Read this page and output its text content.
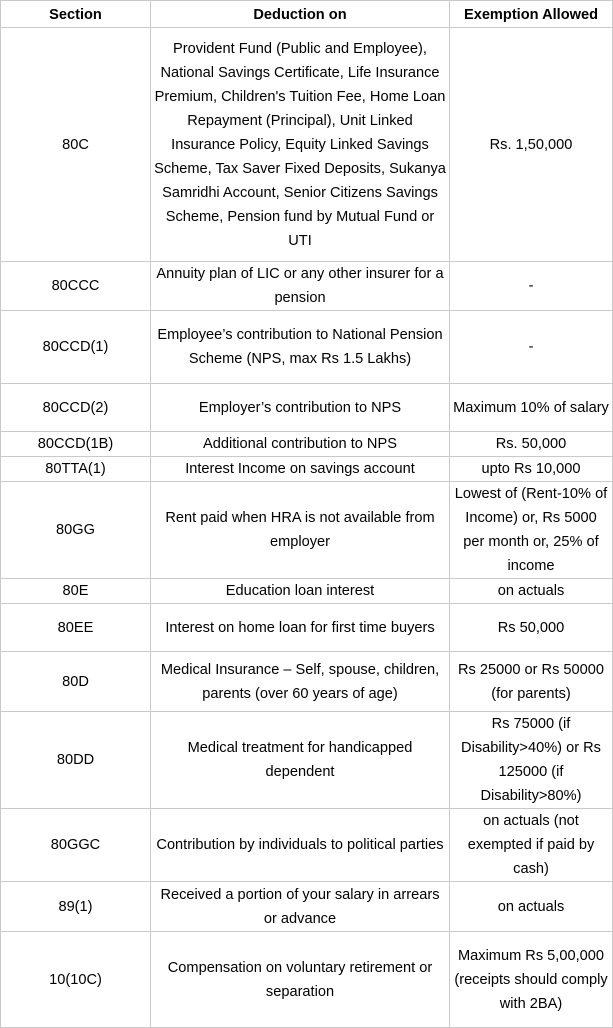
Section	Deduction on	Exemption Allowed
80C	Provident Fund (Public and Employee), National Savings Certificate, Life Insurance Premium, Children's Tuition Fee, Home Loan Repayment (Principal), Unit Linked Insurance Policy, Equity Linked Savings Scheme, Tax Saver Fixed Deposits, Sukanya Samridhi Account, Senior Citizens Savings Scheme, Pension fund by Mutual Fund or UTI	Rs. 1,50,000
80CCC	Annuity plan of LIC or any other insurer for a pension	-
80CCD(1)	Employee’s contribution to National Pension Scheme (NPS, max Rs 1.5 Lakhs)	-
80CCD(2)	Employer’s contribution to NPS	Maximum 10% of salary
80CCD(1B)	Additional contribution to NPS	Rs. 50,000
80TTA(1)	Interest Income on savings account	upto Rs 10,000
80GG	Rent paid when HRA is not available from employer	Lowest of (Rent-10% of Income) or, Rs 5000 per month or, 25% of income
80E	Education loan interest	on actuals
80EE	Interest on home loan for first time buyers	Rs 50,000
80D	Medical Insurance – Self, spouse, children, parents (over 60 years of age)	Rs 25000 or Rs 50000 (for parents)
80DD	Medical treatment for handicapped dependent	Rs 75000 (if Disability>40%) or Rs 125000 (if Disability>80%)
80GGC	Contribution by individuals to political parties	on actuals (not exempted if paid by cash)
89(1)	Received a portion of your salary in arrears or advance	on actuals
10(10C)	Compensation on voluntary retirement or separation	Maximum Rs 5,00,000 (receipts should comply with 2BA)
